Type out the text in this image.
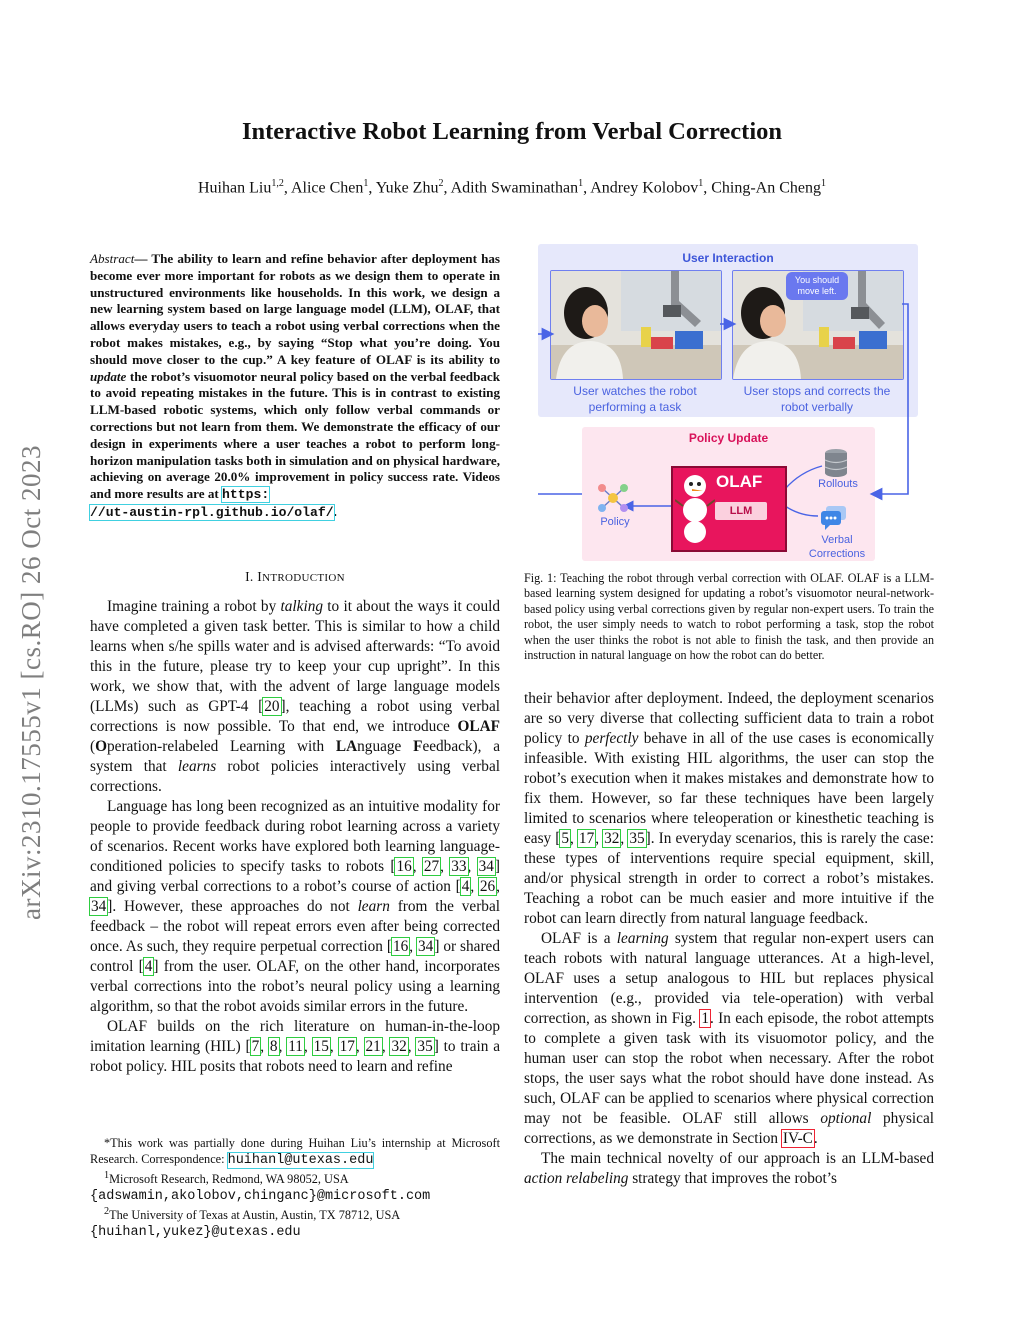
Interactive Robot Learning from Verbal Correction
Huihan Liu$^{1,2}$, Alice Chen$^1$, Yuke Zhu$^2$, Adith Swaminathan$^1$, Andrey Kolobov$^1$, Ching-An Cheng$^1$
arXiv:2310.17555v1 [cs.RO] 26 Oct 2023
Abstract— The ability to learn and refine behavior after deployment has become ever more important for robots as we design them to operate in unstructured environments like households. In this work, we design a new learning system based on large language model (LLM), OLAF, that allows everyday users to teach a robot using verbal corrections when the robot makes mistakes, e.g., by saying “Stop what you’re doing. You should move closer to the cup.” A key feature of OLAF is its ability to update the robot’s visuomotor neural policy based on the verbal feedback to avoid repeating mistakes in the future. This is in contrast to existing LLM-based robotic systems, which only follow verbal commands or corrections but not learn from them. We demonstrate the efficacy of our design in experiments where a user teaches a robot to perform long-horizon manipulation tasks both in simulation and on physical hardware, achieving on average 20.0% improvement in policy success rate. Videos and more results are at https:
//ut-austin-rpl.github.io/olaf/.
I. INTRODUCTION

Imagine training a robot by talking to it about the ways it could have completed a given task better. This is similar to how a child learns when s/he spills water and is advised afterwards: “To avoid this in the future, please try to keep your cup upright”. In this work, we show that, with the advent of large language models (LLMs) such as GPT-4 [20], teaching a robot using verbal corrections is now possible. To that end, we introduce OLAF (Operation-relabeled Learning with LAnguage Feedback), a system that learns robot policies interactively using verbal corrections.

Language has long been recognized as an intuitive modality for people to provide feedback during robot learning across a variety of scenarios. Recent works have explored both learning language-conditioned policies to specify tasks to robots [16, 27, 33, 34] and giving verbal corrections to a robot’s course of action [4, 26, 34]. However, these approaches do not learn from the verbal feedback – the robot will repeat errors even after being corrected once. As such, they require perpetual correction [16, 34] or shared control [4] from the user. OLAF, on the other hand, incorporates verbal corrections into the robot’s neural policy using a learning algorithm, so that the robot avoids similar errors in the future.

OLAF builds on the rich literature on human-in-the-loop imitation learning (HIL) [7, 8, 11, 15, 17, 21, 32, 35] to train a robot policy. HIL posits that robots need to learn and refine

*This work was partially done during Huihan Liu’s internship at Microsoft Research. Correspondence: huihanl@utexas.edu

$^1$Microsoft Research, Redmond, WA 98052, USA

{adswamin,akolobov,chinganc}@microsoft.com

$^2$The University of Texas at Austin, Austin, TX 78712, USA

{huihanl,yukez}@utexas.edu

User Interaction
User watches the robot performing a task
You should move left.
User stops and corrects the robot verbally
Policy Update
OLAF
LLM
Policy
Rollouts
Verbal Corrections
Fig. 1: Teaching the robot through verbal correction with OLAF. OLAF is a LLM-based learning system designed for updating a robot’s visuomotor neural-network-based policy using verbal corrections given by regular non-expert users. To train the robot, the user simply needs to watch to robot performing a task, stop the robot when the user thinks the robot is not able to finish the task, and then provide an instruction in natural language on how the robot can do better.

their behavior after deployment. Indeed, the deployment scenarios are so very diverse that collecting sufficient data to train a robot policy to perfectly behave in all of the use cases is economically infeasible. With existing HIL algorithms, the user can stop the robot’s execution when it makes mistakes and demonstrate how to fix them. However, so far these techniques have been largely limited to scenarios where teleoperation or kinesthetic teaching is easy [5, 17, 32, 35]. In everyday scenarios, this is rarely the case: these types of interventions require special equipment, skill, and/or physical strength in order to correct a robot’s mistakes. Teaching a robot can be much easier and more intuitive if the robot can learn directly from natural language feedback.

OLAF is a learning system that regular non-expert users can teach robots with natural language utterances. At a high-level, OLAF uses a setup analogous to HIL but replaces physical intervention (e.g., provided via tele-operation) with verbal correction, as shown in Fig. 1. In each episode, the robot attempts to complete a given task with its visuomotor policy, and the human user can stop the robot when necessary. After the robot stops, the user says what the robot should have done instead. As such, OLAF can be applied to scenarios where physical correction may not be feasible. OLAF still allows optional physical corrections, as we demonstrate in Section IV-C.

The main technical novelty of our approach is an LLM-based action relabeling strategy that improves the robot’s
